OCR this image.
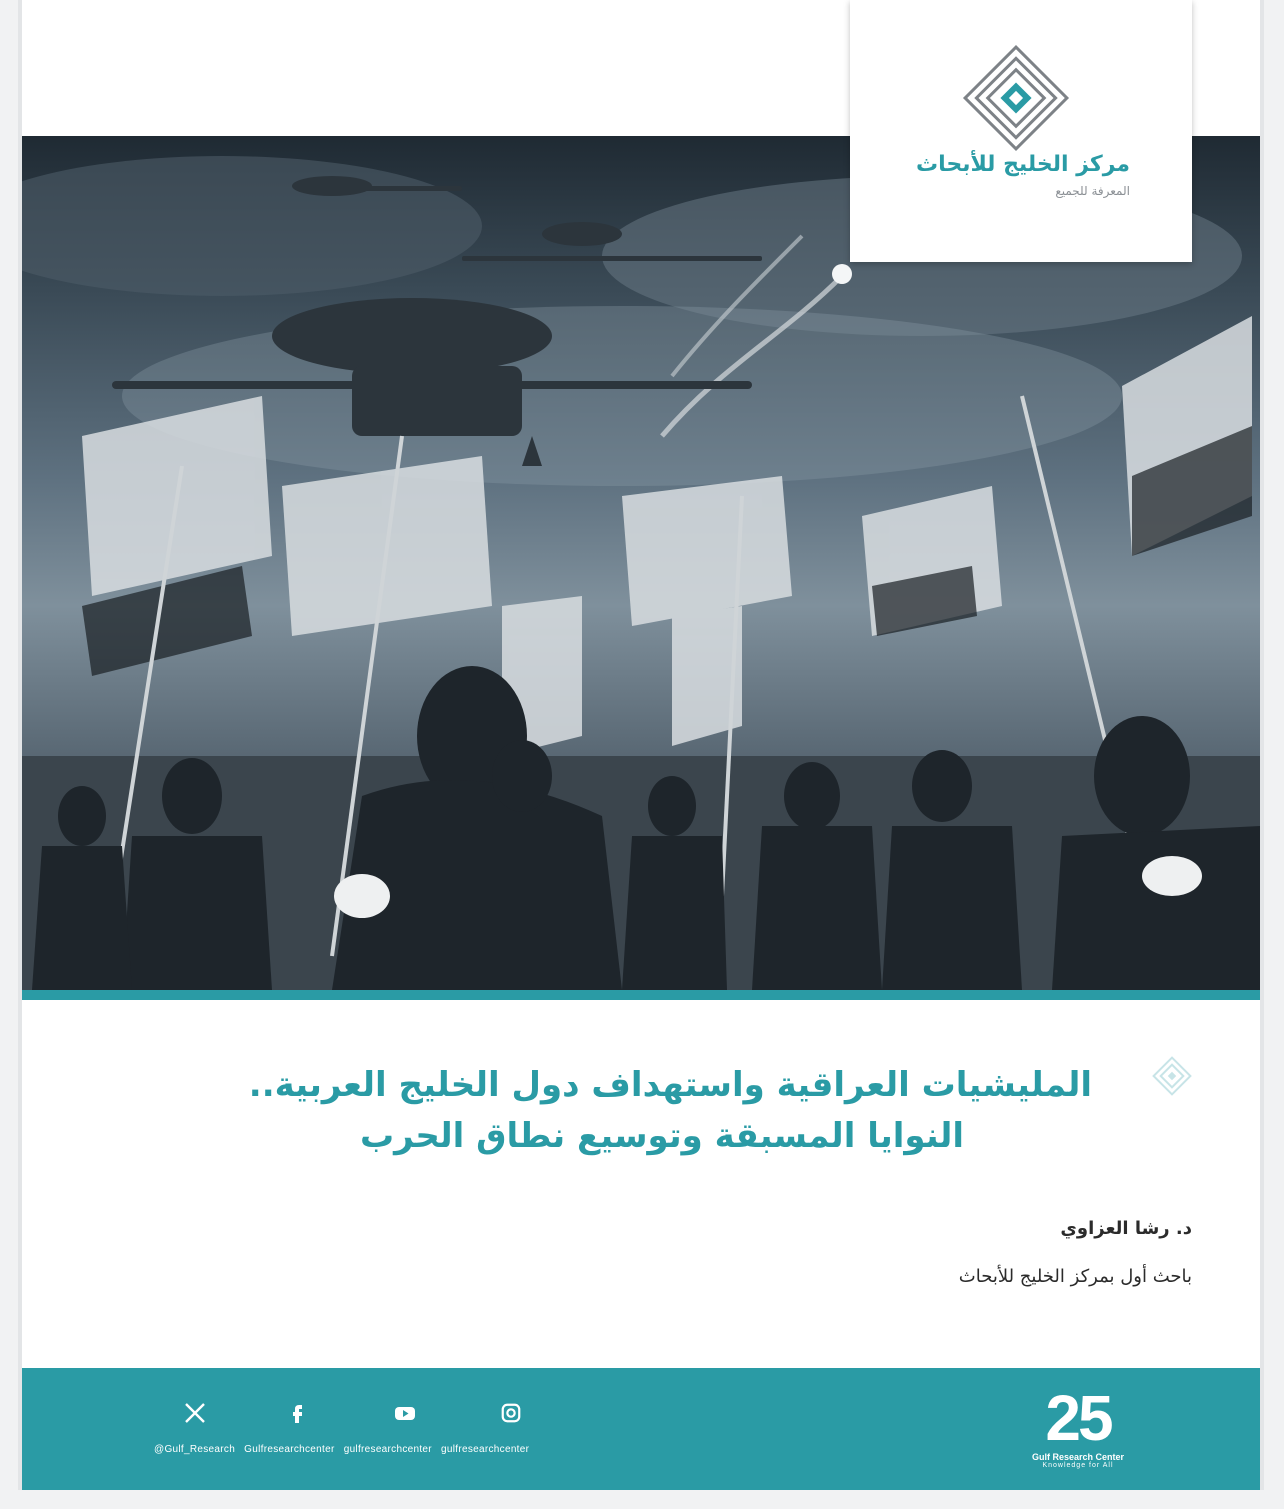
مركز الخليج للأبحاث
المعرفة للجميع
المليشيات العراقية واستهداف دول الخليج العربية..
النوايا المسبقة وتوسيع نطاق الحرب
د. رشا العزاوي
باحث أول بمركز الخليج للأبحاث
@Gulf_Research Gulfresearchcenter gulfresearchcenter gulfresearchcenter	25
Gulf Research Center
Knowledge for All
